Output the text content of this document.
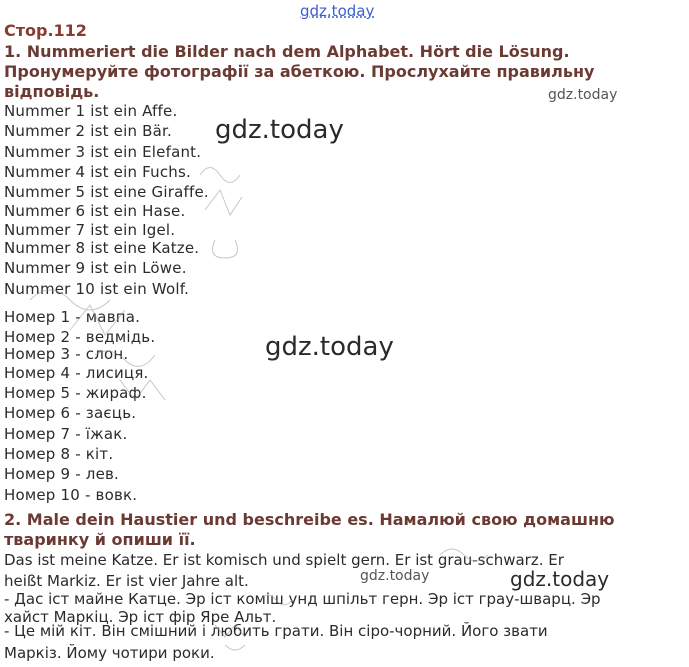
gdz.today
Стор.112
1. Nummeriert die Bilder nach dem Alphabet. Hört die Lösung.
Пронумеруйте фотографії за абеткою. Прослухайте правильну
відповідь.	gdz.today
gdz.today
Nummer 1 ist ein Affe.
Nummer 2 ist ein Bär.
Nummer 3 ist ein Elefant.
Nummer 4 ist ein Fuchs.
Nummer 5 ist eine Giraffe.
Nummer 6 ist ein Hase.
Nummer 7 ist ein Igel.
Nummer 8 ist eine Katze.
Nummer 9 ist ein Löwe.
Nummer 10 ist ein Wolf.
gdz.today
Номер 1 - мавпа.
Номер 2 - ведмідь.
Номер 3 - слон.
Номер 4 - лисиця.
Номер 5 - жираф.
Номер 6 - заєць.
Номер 7 - їжак.
Номер 8 - кіт.
Номер 9 - лев.
Номер 10 - вовк.
2. Male dein Haustier und beschreibe es. Намалюй свою домашню
тваринку й опиши її.
Das ist meine Katze. Er ist komisch und spielt gern. Er ist grau-schwarz. Er
heißt Markiz. Er ist vier Jahre alt.	gdz.today	gdz.today
- Дас іст майне Катце. Эр іст коміш унд шпільт герн. Эр іст грау-шварц. Эр
хайст Маркіц. Эр іст фір Яре Альт.
- Це мій кіт. Він смішний і любить грати. Він сіро-чорний. Його звати
Маркіз. Йому чотири роки.
